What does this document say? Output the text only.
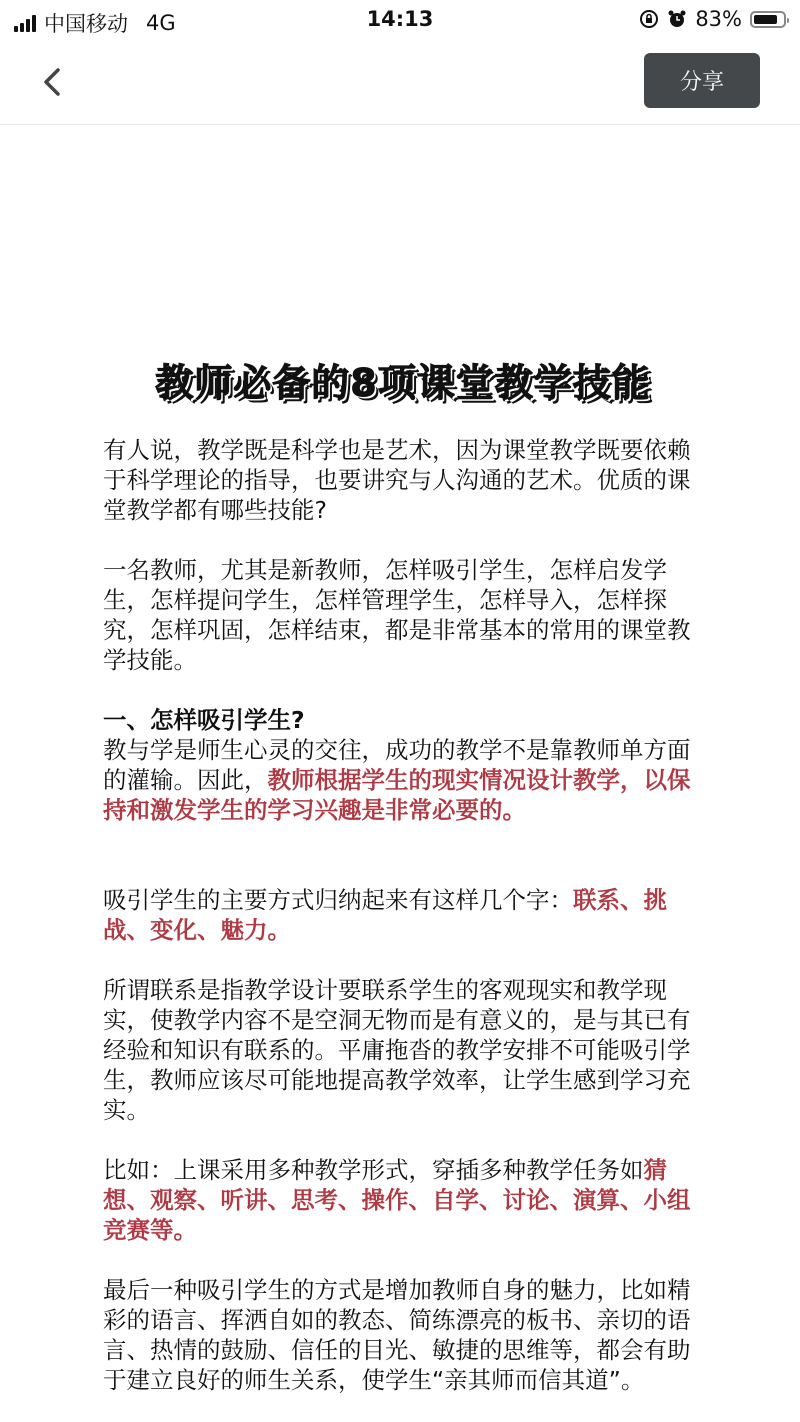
中国移动 4G	14:13	83%
分享
教师必备的8项课堂教学技能

有人说，教学既是科学也是艺术，因为课堂教学既要依赖于科学理论的指导，也要讲究与人沟通的艺术。优质的课堂教学都有哪些技能?

一名教师，尤其是新教师，怎样吸引学生，怎样启发学生，怎样提问学生，怎样管理学生，怎样导入，怎样探究，怎样巩固，怎样结束，都是非常基本的常用的课堂教学技能。

一、怎样吸引学生?

教与学是师生心灵的交往，成功的教学不是靠教师单方面的灌输。因此，教师根据学生的现实情况设计教学，以保持和激发学生的学习兴趣是非常必要的。

吸引学生的主要方式归纳起来有这样几个字：联系、挑战、变化、魅力。

所谓联系是指教学设计要联系学生的客观现实和教学现实，使教学内容不是空洞无物而是有意义的，是与其已有经验和知识有联系的。平庸拖沓的教学安排不可能吸引学生，教师应该尽可能地提高教学效率，让学生感到学习充实。

比如：上课采用多种教学形式，穿插多种教学任务如猜想、观察、听讲、思考、操作、自学、讨论、演算、小组竞赛等。

最后一种吸引学生的方式是增加教师自身的魅力，比如精彩的语言、挥洒自如的教态、简练漂亮的板书、亲切的语言、热情的鼓励、信任的目光、敏捷的思维等，都会有助于建立良好的师生关系，使学生“亲其师而信其道”。
